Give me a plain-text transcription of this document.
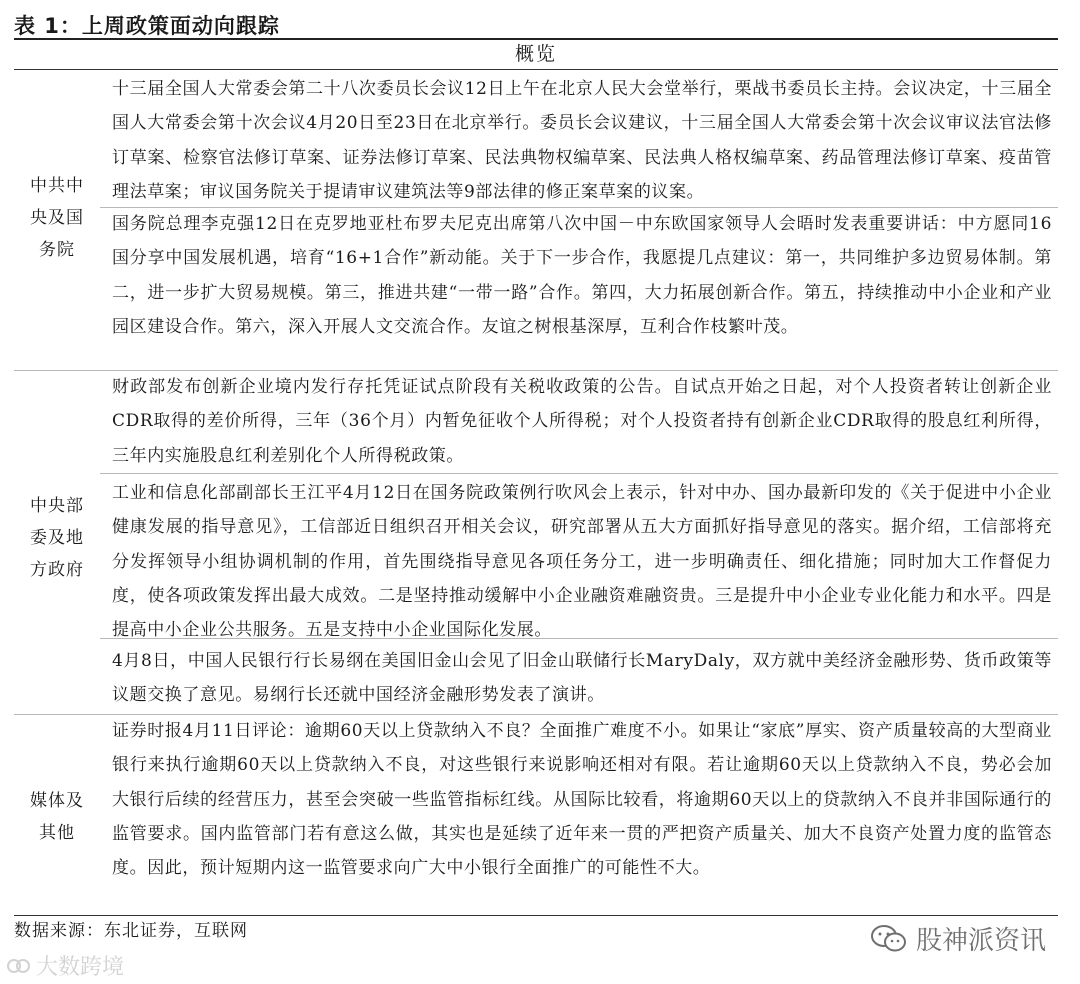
表 1：上周政策面动向跟踪
概览
中共中
央及国
务院
十三届全国人大常委会第二十八次委员长会议12日上午在北京人民大会堂举行，栗战书委员长主持。会议决定，十三届全国人大常委会第十次会议4月20日至23日在北京举行。委员长会议建议，十三届全国人大常委会第十次会议审议法官法修订草案、检察官法修订草案、证券法修订草案、民法典物权编草案、民法典人格权编草案、药品管理法修订草案、疫苗管理法草案；审议国务院关于提请审议建筑法等9部法律的修正案草案的议案。
国务院总理李克强12日在克罗地亚杜布罗夫尼克出席第八次中国－中东欧国家领导人会晤时发表重要讲话：中方愿同16国分享中国发展机遇，培育“16+1合作”新动能。关于下一步合作，我愿提几点建议：第一，共同维护多边贸易体制。第二，进一步扩大贸易规模。第三，推进共建“一带一路”合作。第四，大力拓展创新合作。第五，持续推动中小企业和产业园区建设合作。第六，深入开展人文交流合作。友谊之树根基深厚，互利合作枝繁叶茂。
中央部
委及地
方政府
财政部发布创新企业境内发行存托凭证试点阶段有关税收政策的公告。自试点开始之日起，对个人投资者转让创新企业CDR取得的差价所得，三年（36个月）内暂免征收个人所得税；对个人投资者持有创新企业CDR取得的股息红利所得，三年内实施股息红利差别化个人所得税政策。
工业和信息化部副部长王江平4月12日在国务院政策例行吹风会上表示，针对中办、国办最新印发的《关于促进中小企业健康发展的指导意见》，工信部近日组织召开相关会议，研究部署从五大方面抓好指导意见的落实。据介绍，工信部将充分发挥领导小组协调机制的作用，首先围绕指导意见各项任务分工，进一步明确责任、细化措施；同时加大工作督促力度，使各项政策发挥出最大成效。二是坚持推动缓解中小企业融资难融资贵。三是提升中小企业专业化能力和水平。四是提高中小企业公共服务。五是支持中小企业国际化发展。
4月8日，中国人民银行行长易纲在美国旧金山会见了旧金山联储行长MaryDaly，双方就中美经济金融形势、货币政策等议题交换了意见。易纲行长还就中国经济金融形势发表了演讲。
媒体及
其他
证券时报4月11日评论：逾期60天以上贷款纳入不良？全面推广难度不小。如果让“家底”厚实、资产质量较高的大型商业银行来执行逾期60天以上贷款纳入不良，对这些银行来说影响还相对有限。若让逾期60天以上贷款纳入不良，势必会加大银行后续的经营压力，甚至会突破一些监管指标红线。从国际比较看，将逾期60天以上的贷款纳入不良并非国际通行的监管要求。国内监管部门若有意这么做，其实也是延续了近年来一贯的严把资产质量关、加大不良资产处置力度的监管态度。因此，预计短期内这一监管要求向广大中小银行全面推广的可能性不大。
数据来源：东北证券，互联网
大数跨境
股神派资讯
